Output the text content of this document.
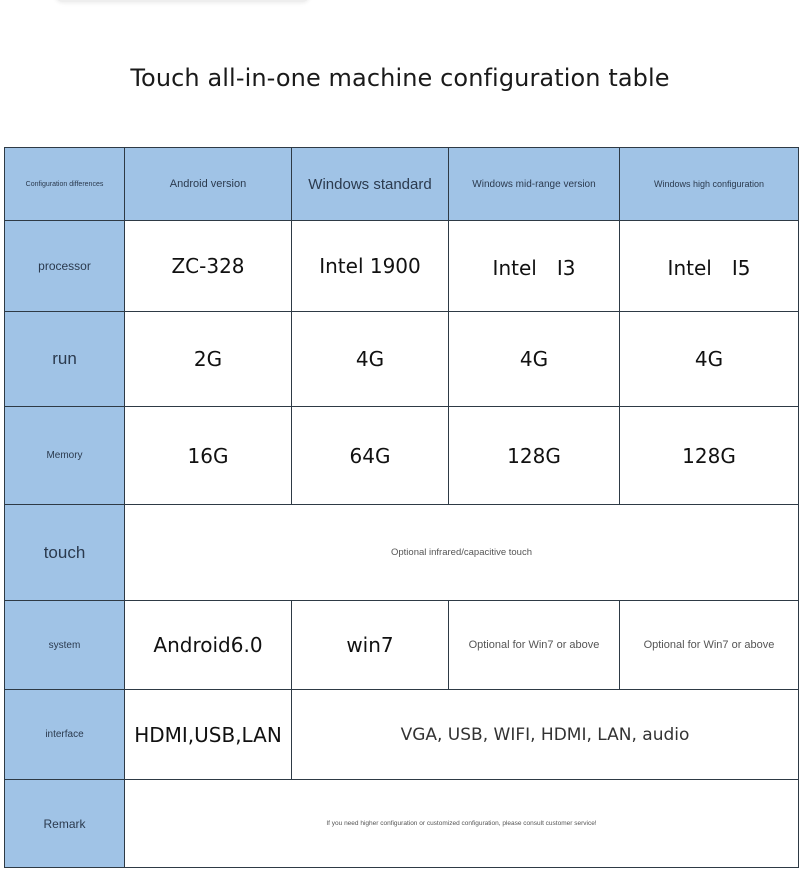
Touch all-in-one machine configuration table
Configuration differences	Android version	Windows standard	Windows mid-range version	Windows high configuration
processor	ZC-328	Intel 1900	Intel　I3	Intel　I5
run	2G	4G	4G	4G
Memory	16G	64G	128G	128G
touch	Optional infrared/capacitive touch			
system	Android6.0	win7	Optional for Win7 or above	Optional for Win7 or above
interface	HDMI,USB,LAN	VGA, USB, WIFI, HDMI, LAN, audio		
Remark	If you need higher configuration or customized configuration, please consult customer service!			
